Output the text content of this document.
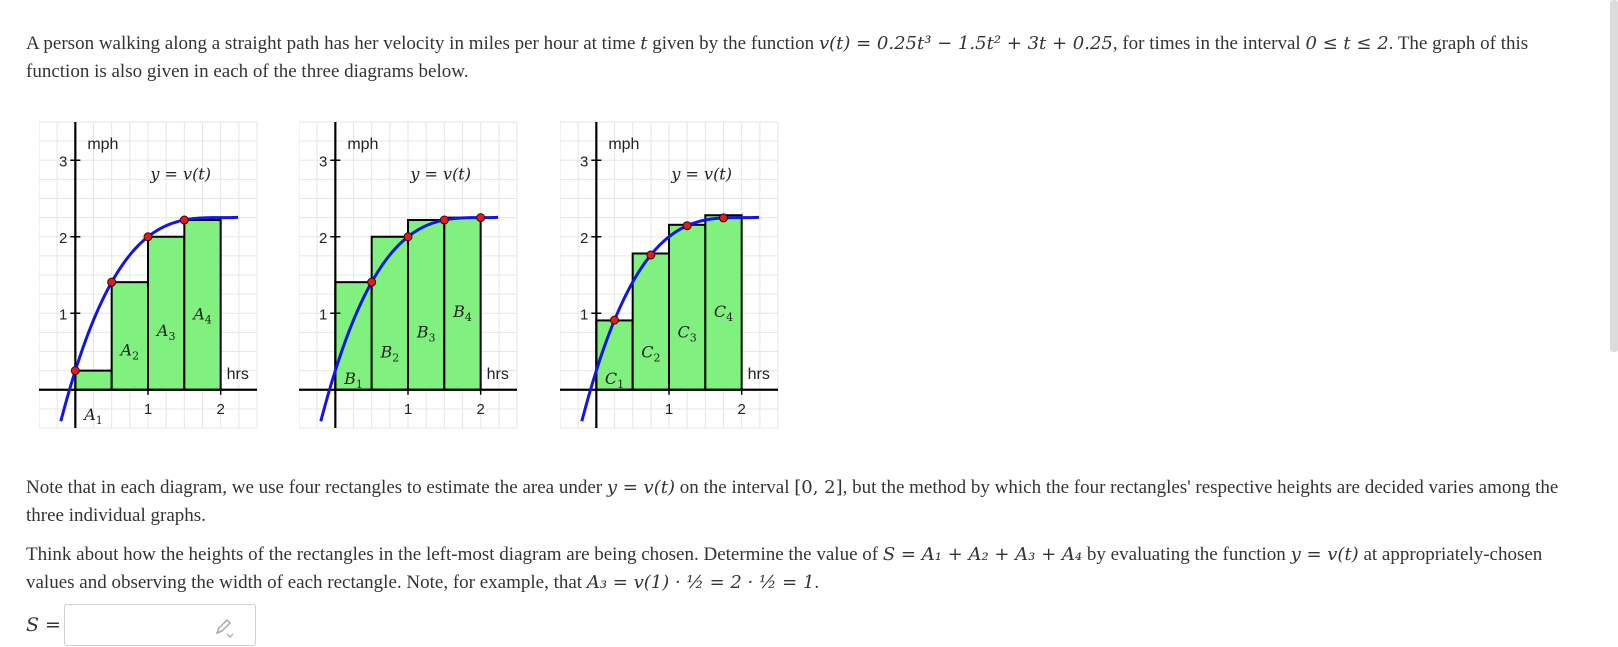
A person walking along a straight path has her velocity in miles per hour at time t given by the function v(t) = 0.25t³ − 1.5t² + 3t + 0.25, for times in the interval 0 ≤ t ≤ 2. The graph of this function is also given in each of the three diagrams below.

1
2
3
1	2
mph
hrs
y = v(t)
$A_1$
$A_2$
$A_3$
$A_4$	1
2
3
1	2
mph
hrs
y = v(t)
$B_1$
$B_2$
$B_3$
$B_4$	1
2
3
1	2
mph
hrs
y = v(t)
$C_1$
$C_2$
$C_3$
$C_4$

Note that in each diagram, we use four rectangles to estimate the area under y = v(t) on the interval [0, 2], but the method by which the four rectangles' respective heights are decided varies among the three individual graphs.

Think about how the heights of the rectangles in the left-most diagram are being chosen. Determine the value of S = A₁ + A₂ + A₃ + A₄ by evaluating the function y = v(t) at appropriately-chosen values and observing the width of each rectangle. Note, for example, that A₃ = v(1) · ½ = 2 · ½ = 1.

S =
